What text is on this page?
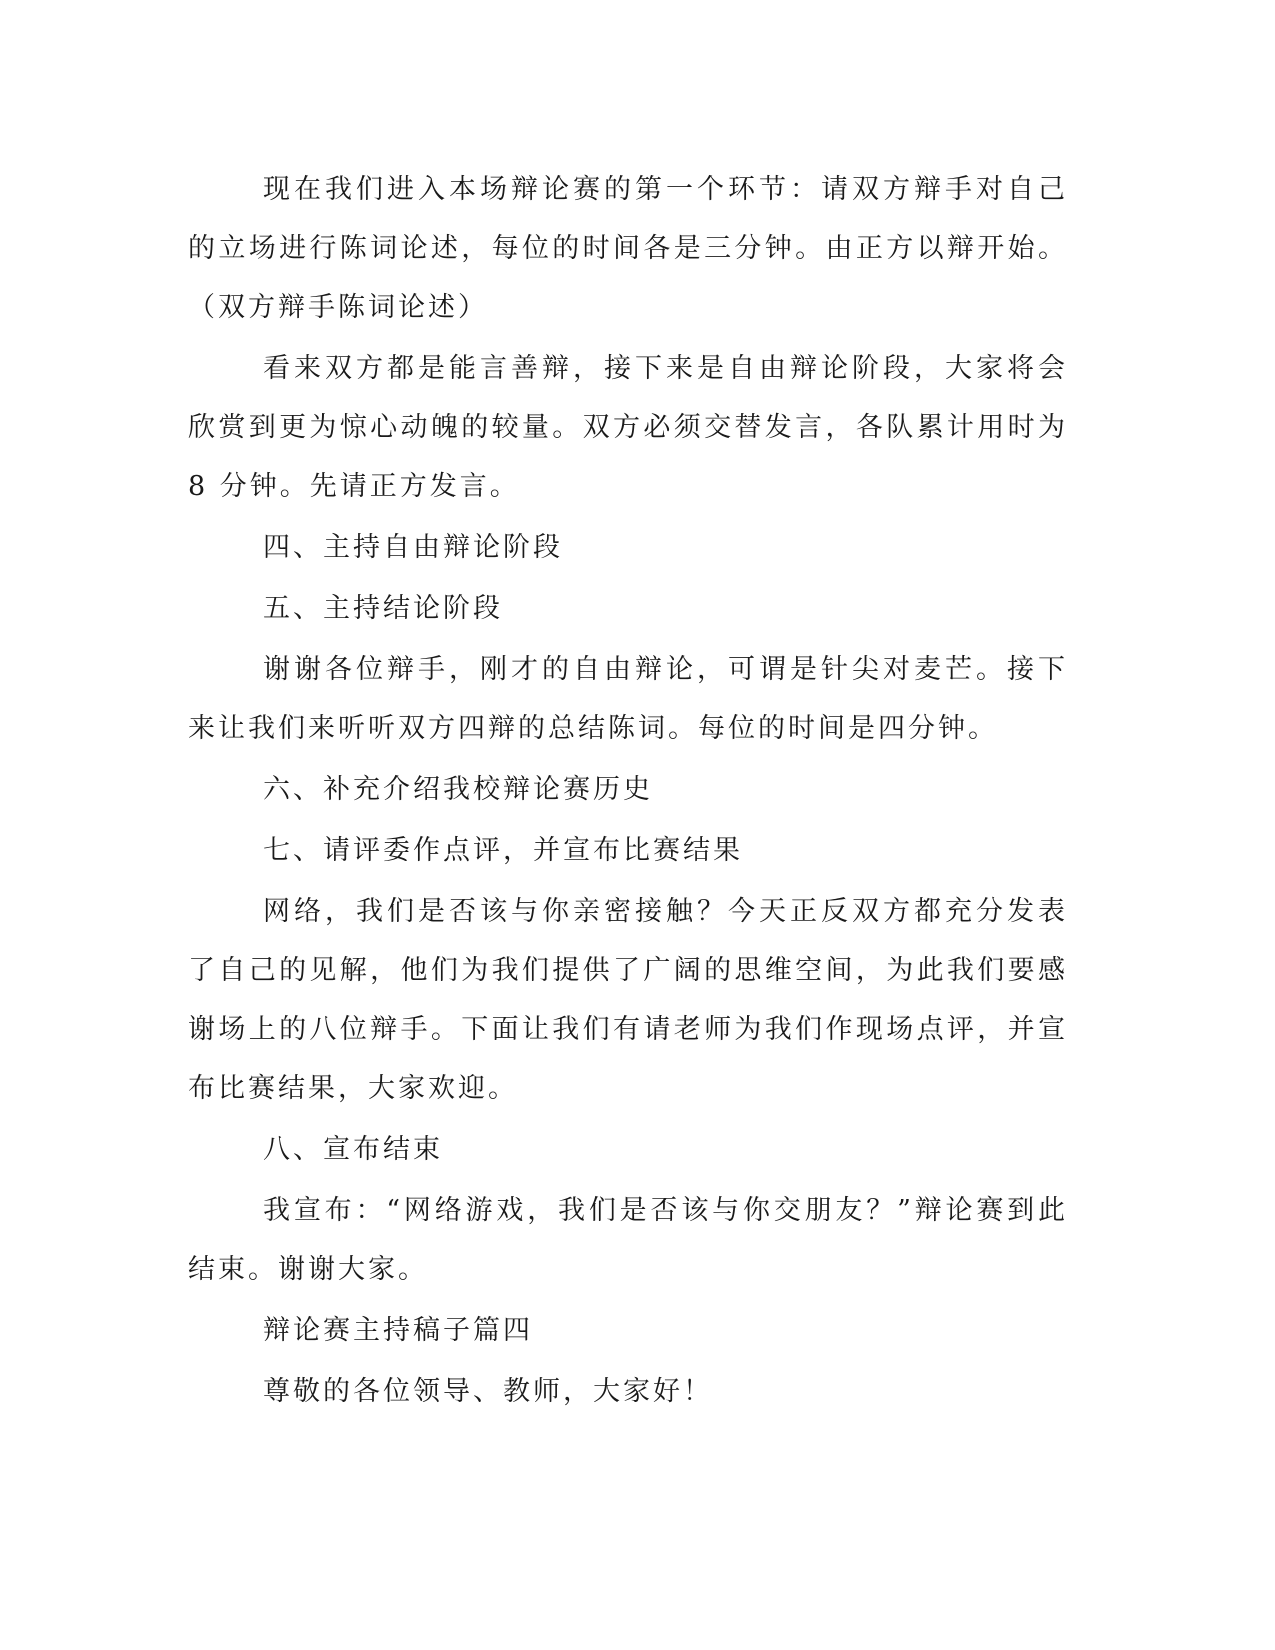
现在我们进入本场辩论赛的第一个环节：请双方辩手对自己的立场进行陈词论述，每位的时间各是三分钟。由正方以辩开始。（双方辩手陈词论述）

看来双方都是能言善辩，接下来是自由辩论阶段，大家将会欣赏到更为惊心动魄的较量。双方必须交替发言，各队累计用时为 8 分钟。先请正方发言。

四、主持自由辩论阶段

五、主持结论阶段

谢谢各位辩手，刚才的自由辩论，可谓是针尖对麦芒。接下来让我们来听听双方四辩的总结陈词。每位的时间是四分钟。

六、补充介绍我校辩论赛历史

七、请评委作点评，并宣布比赛结果

网络，我们是否该与你亲密接触？今天正反双方都充分发表了自己的见解，他们为我们提供了广阔的思维空间，为此我们要感谢场上的八位辩手。下面让我们有请老师为我们作现场点评，并宣布比赛结果，大家欢迎。

八、宣布结束

我宣布：“网络游戏，我们是否该与你交朋友？”辩论赛到此结束。谢谢大家。

辩论赛主持稿子篇四

尊敬的各位领导、教师，大家好！
